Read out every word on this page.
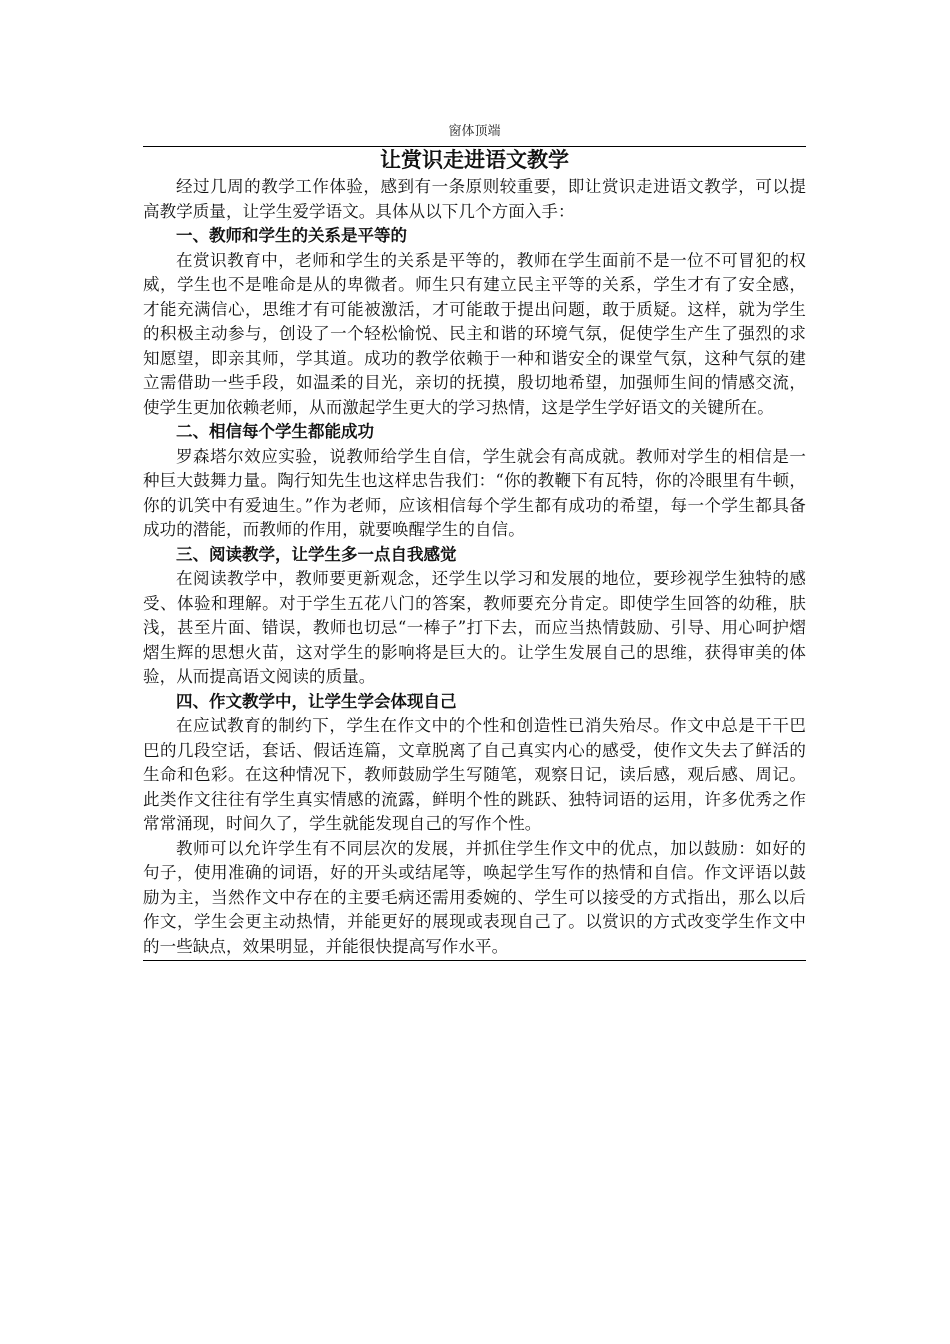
窗体顶端
让赏识走进语文教学

经过几周的教学工作体验，感到有一条原则较重要，即让赏识走进语文教学，可以提高教学质量，让学生爱学语文。具体从以下几个方面入手：

一、教师和学生的关系是平等的

在赏识教育中，老师和学生的关系是平等的，教师在学生面前不是一位不可冒犯的权威，学生也不是唯命是从的卑微者。师生只有建立民主平等的关系，学生才有了安全感，才能充满信心，思维才有可能被激活，才可能敢于提出问题，敢于质疑。这样，就为学生的积极主动参与，创设了一个轻松愉悦、民主和谐的环境气氛，促使学生产生了强烈的求知愿望，即亲其师，学其道。成功的教学依赖于一种和谐安全的课堂气氛，这种气氛的建立需借助一些手段，如温柔的目光，亲切的抚摸，殷切地希望，加强师生间的情感交流，使学生更加依赖老师，从而激起学生更大的学习热情，这是学生学好语文的关键所在。

二、相信每个学生都能成功

罗森塔尔效应实验，说教师给学生自信，学生就会有高成就。教师对学生的相信是一种巨大鼓舞力量。陶行知先生也这样忠告我们：“你的教鞭下有瓦特，你的冷眼里有牛顿，你的讥笑中有爱迪生。”作为老师，应该相信每个学生都有成功的希望，每一个学生都具备成功的潜能，而教师的作用，就要唤醒学生的自信。

三、阅读教学，让学生多一点自我感觉

在阅读教学中，教师要更新观念，还学生以学习和发展的地位，要珍视学生独特的感受、体验和理解。对于学生五花八门的答案，教师要充分肯定。即使学生回答的幼稚，肤浅，甚至片面、错误，教师也切忌“一棒子”打下去，而应当热情鼓励、引导、用心呵护熠熠生辉的思想火苗，这对学生的影响将是巨大的。让学生发展自己的思维，获得审美的体验，从而提高语文阅读的质量。

四、作文教学中，让学生学会体现自己

在应试教育的制约下，学生在作文中的个性和创造性已消失殆尽。作文中总是干干巴巴的几段空话，套话、假话连篇，文章脱离了自己真实内心的感受，使作文失去了鲜活的生命和色彩。在这种情况下，教师鼓励学生写随笔，观察日记，读后感，观后感、周记。此类作文往往有学生真实情感的流露，鲜明个性的跳跃、独特词语的运用，许多优秀之作常常涌现，时间久了，学生就能发现自己的写作个性。

教师可以允许学生有不同层次的发展，并抓住学生作文中的优点，加以鼓励：如好的句子，使用准确的词语，好的开头或结尾等，唤起学生写作的热情和自信。作文评语以鼓励为主，当然作文中存在的主要毛病还需用委婉的、学生可以接受的方式指出，那么以后作文，学生会更主动热情，并能更好的展现或表现自己了。以赏识的方式改变学生作文中的一些缺点，效果明显，并能很快提高写作水平。
